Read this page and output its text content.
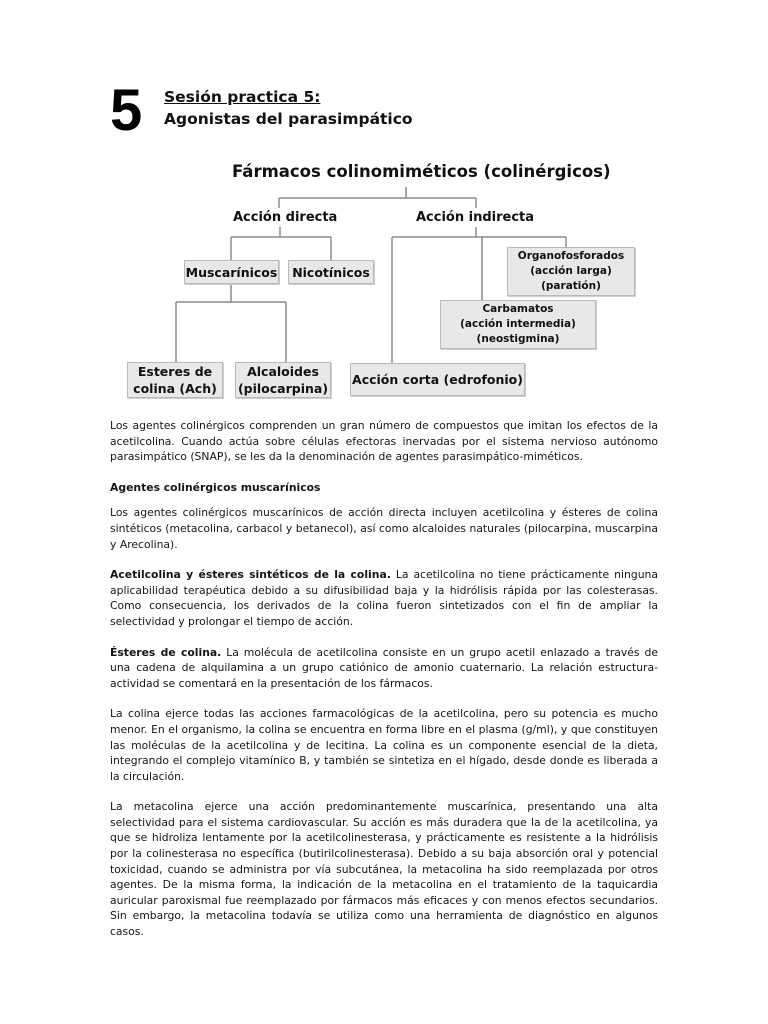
5 Sesión practica 5:
Agonistas del parasimpático
Fármacos colinomiméticos (colinérgicos)
Acción directa	Acción indirecta
Muscarínicos Nicotínicos
Organofosforados
(acción larga)
(paratión)
Carbamatos
(acción intermedia)
(neostigmina)
Esteres de
colina (Ach)
Alcaloides
(pilocarpina)
Acción corta (edrofonio)

Los agentes colinérgicos comprenden un gran número de compuestos que imitan los efectos de la acetilcolina. Cuando actúa sobre células efectoras inervadas por el sistema nervioso autónomo parasimpático (SNAP), se les da la denominación de agentes parasimpático-miméticos.

Agentes colinérgicos muscarínicos

Los agentes colinérgicos muscarínicos de acción directa incluyen acetilcolina y ésteres de colina sintéticos (metacolina, carbacol y betanecol), así como alcaloides naturales (pilocarpina, muscarpina y Arecolina).

Acetilcolina y ésteres sintéticos de la colina. La acetilcolina no tiene prácticamente ninguna aplicabilidad terapéutica debido a su difusibilidad baja y la hidrólisis rápida por las colesterasas. Como consecuencia, los derivados de la colina fueron sintetizados con el fin de ampliar la selectividad y prolongar el tiempo de acción.

Ésteres de colina. La molécula de acetilcolina consiste en un grupo acetil enlazado a través de una cadena de alquilamina a un grupo catiónico de amonio cuaternario. La relación estructura-actividad se comentará en la presentación de los fármacos.

La colina ejerce todas las acciones farmacológicas de la acetilcolina, pero su potencia es mucho menor. En el organismo, la colina se encuentra en forma libre en el plasma (g/ml), y que constituyen las moléculas de la acetilcolina y de lecitina. La colina es un componente esencial de la dieta, integrando el complejo vitamínico B, y también se sintetiza en el hígado, desde donde es liberada a la circulación.

La metacolina ejerce una acción predominantemente muscarínica, presentando una alta selectividad para el sistema cardiovascular. Su acción es más duradera que la de la acetilcolina, ya que se hidroliza lentamente por la acetilcolinesterasa, y prácticamente es resistente a la hidrólisis por la colinesterasa no específica (butirilcolinesterasa). Debido a su baja absorción oral y potencial toxicidad, cuando se administra por vía subcutánea, la metacolina ha sido reemplazada por otros agentes. De la misma forma, la indicación de la metacolina en el tratamiento de la taquicardia auricular paroxismal fue reemplazado por fármacos más eficaces y con menos efectos secundarios. Sin embargo, la metacolina todavía se utiliza como una herramienta de diagnóstico en algunos casos.
